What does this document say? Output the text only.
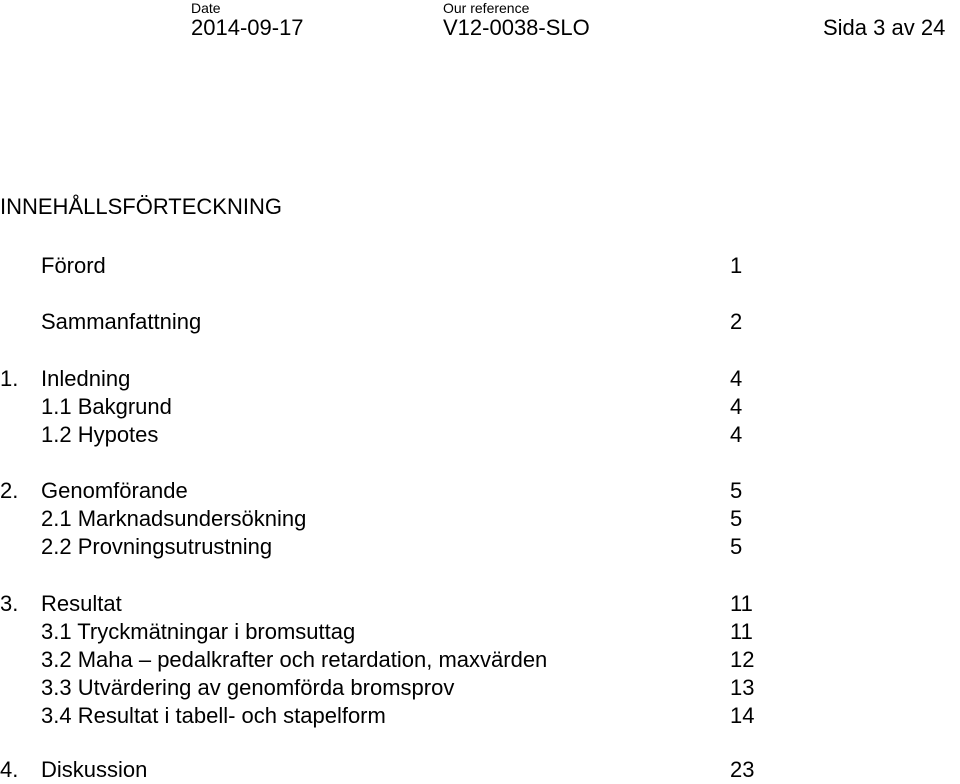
Date
2014-09-17
Our reference
V12-0038-SLO	Sida 3 av 24
INNEHÅLLSFÖRTECKNING
Förord	1
Sammanfattning	2
1. Inledning	4
1.1 Bakgrund	4
1.2 Hypotes	4
2. Genomförande	5
2.1 Marknadsundersökning	5
2.2 Provningsutrustning	5
3. Resultat	11
3.1 Tryckmätningar i bromsuttag	11
3.2 Maha – pedalkrafter och retardation, maxvärden	12
3.3 Utvärdering av genomförda bromsprov	13
3.4 Resultat i tabell- och stapelform	14
4. Diskussion	23
